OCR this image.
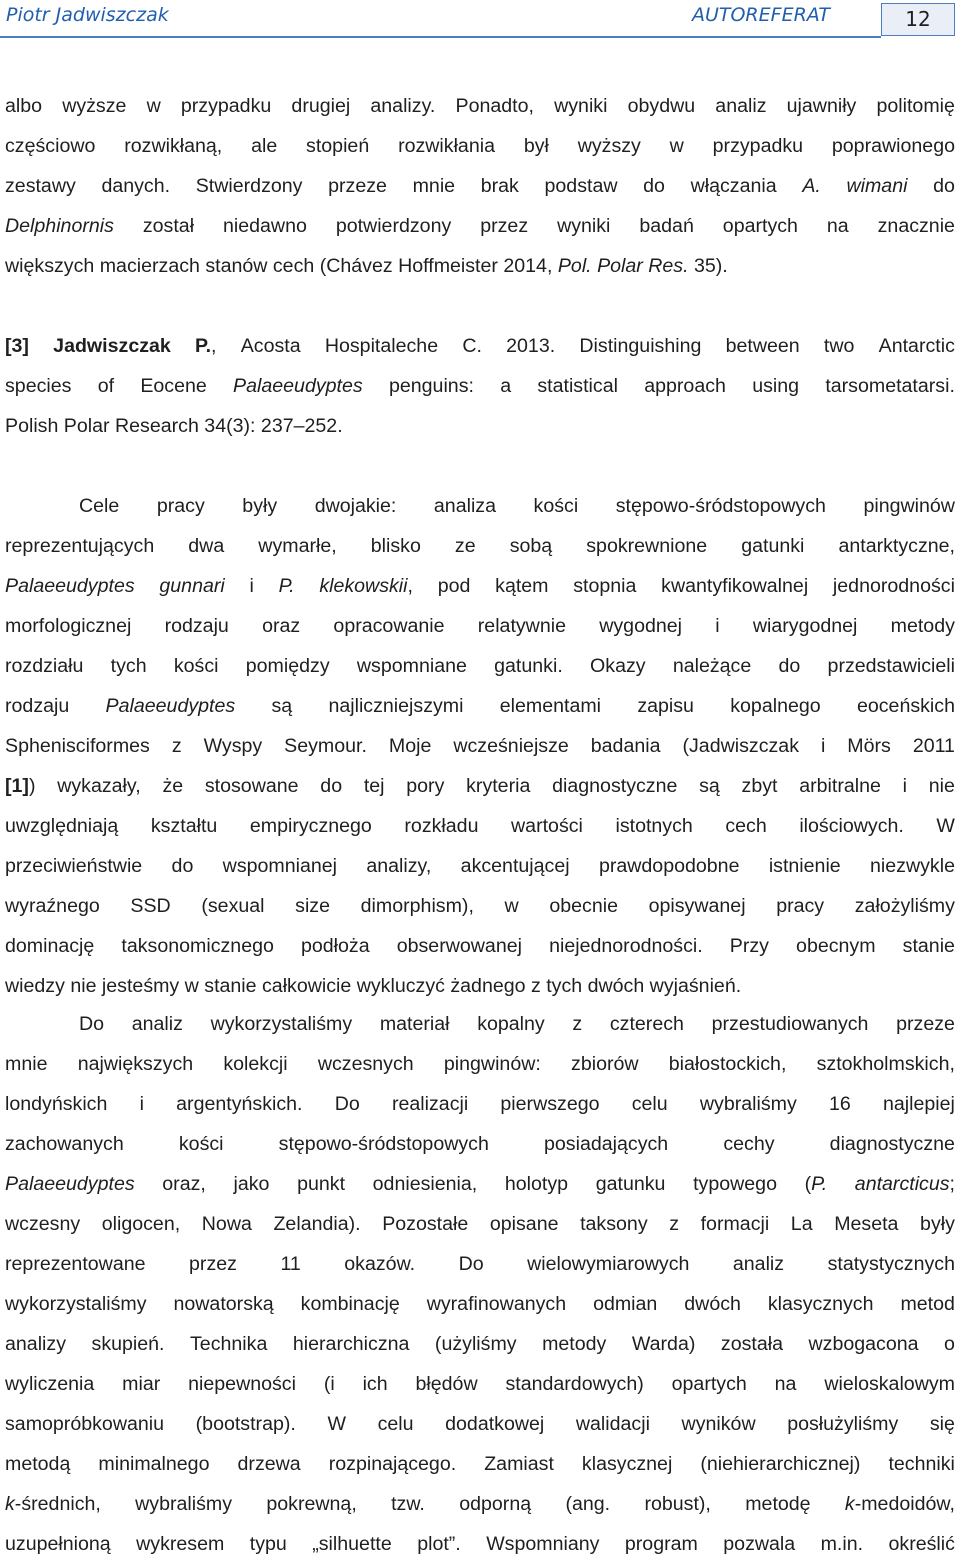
Piotr Jadwiszczak	AUTOREFERAT	12
albo wyższe w przypadku drugiej analizy. Ponadto, wyniki obydwu analiz ujawniły politomię
częściowo rozwikłaną, ale stopień rozwikłania był wyższy w przypadku poprawionego
zestawy danych. Stwierdzony przeze mnie brak podstaw do włączania A. wimani do
Delphinornis został niedawno potwierdzony przez wyniki badań opartych na znacznie
większych macierzach stanów cech (Chávez Hoffmeister 2014, Pol. Polar Res. 35).
[3] Jadwiszczak P., Acosta Hospitaleche C. 2013. Distinguishing between two Antarctic
species of Eocene Palaeeudyptes penguins: a statistical approach using tarsometatarsi.
Polish Polar Research 34(3): 237–252.
Cele pracy były dwojakie: analiza kości stępowo-śródstopowych pingwinów
reprezentujących dwa wymarłe, blisko ze sobą spokrewnione gatunki antarktyczne,
Palaeeudyptes gunnari i P. klekowskii, pod kątem stopnia kwantyfikowalnej jednorodności
morfologicznej rodzaju oraz opracowanie relatywnie wygodnej i wiarygodnej metody
rozdziału tych kości pomiędzy wspomniane gatunki. Okazy należące do przedstawicieli
rodzaju Palaeeudyptes są najliczniejszymi elementami zapisu kopalnego eoceńskich
Sphenisciformes z Wyspy Seymour. Moje wcześniejsze badania (Jadwiszczak i Mörs 2011
[1]) wykazały, że stosowane do tej pory kryteria diagnostyczne są zbyt arbitralne i nie
uwzględniają kształtu empirycznego rozkładu wartości istotnych cech ilościowych. W
przeciwieństwie do wspomnianej analizy, akcentującej prawdopodobne istnienie niezwykle
wyraźnego SSD (sexual size dimorphism), w obecnie opisywanej pracy założyliśmy
dominację taksonomicznego podłoża obserwowanej niejednorodności. Przy obecnym stanie
wiedzy nie jesteśmy w stanie całkowicie wykluczyć żadnego z tych dwóch wyjaśnień.
Do analiz wykorzystaliśmy materiał kopalny z czterech przestudiowanych przeze
mnie największych kolekcji wczesnych pingwinów: zbiorów białostockich, sztokholmskich,
londyńskich i argentyńskich. Do realizacji pierwszego celu wybraliśmy 16 najlepiej
zachowanych	kości	stępowo-śródstopowych	posiadających	cechy	diagnostyczne
Palaeeudyptes oraz, jako punkt odniesienia, holotyp gatunku typowego (P. antarcticus;
wczesny oligocen, Nowa Zelandia). Pozostałe opisane taksony z formacji La Meseta były
reprezentowane przez 11 okazów. Do wielowymiarowych analiz statystycznych
wykorzystaliśmy nowatorską kombinację wyrafinowanych odmian dwóch klasycznych metod
analizy skupień. Technika hierarchiczna (użyliśmy metody Warda) została wzbogacona o
wyliczenia miar niepewności (i ich błędów standardowych) opartych na wieloskalowym
samopróbkowaniu (bootstrap). W celu dodatkowej walidacji wyników posłużyliśmy się
metodą minimalnego drzewa rozpinającego. Zamiast klasycznej (niehierarchicznej) techniki
k-średnich, wybraliśmy pokrewną, tzw. odporną (ang. robust), metodę k-medoidów,
uzupełnioną wykresem typu „silhuette plot”. Wspomniany program pozwala m.in. określić
